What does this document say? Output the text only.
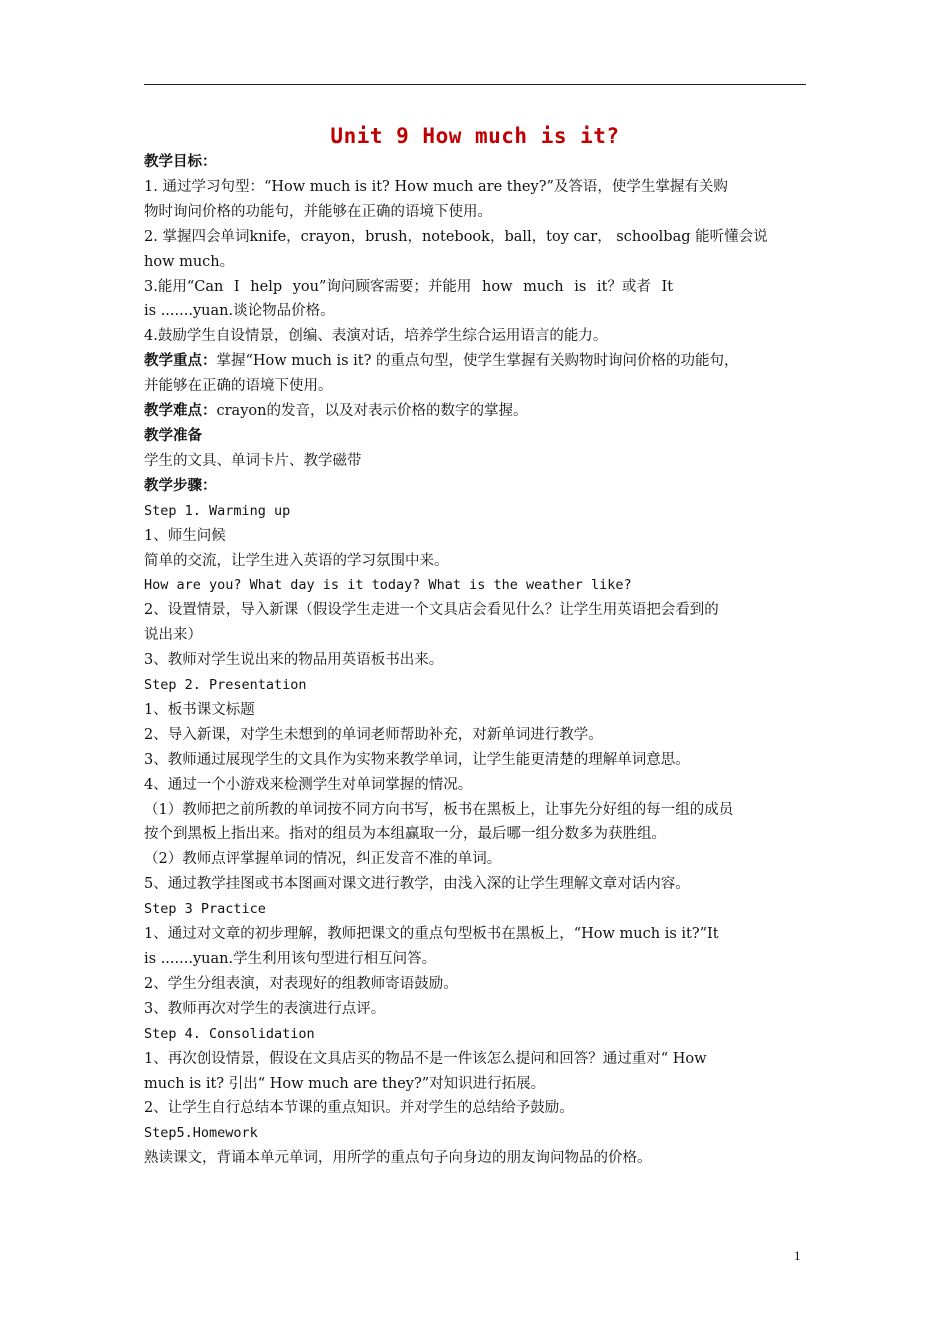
Unit 9 How much is it?

教学目标：

1. 通过学习句型：“How much is it? How much are they?”及答语，使学生掌握有关购

物时询问价格的功能句，并能够在正确的语境下使用。

2. 掌握四会单词knife，crayon，brush，notebook，ball，toy car， schoolbag 能听懂会说

how much。

3.能用“Can I help you”询问顾客需要；并能用 how much is it？或者 It

is .......yuan.谈论物品价格。

4.鼓励学生自设情景，创编、表演对话，培养学生综合运用语言的能力。

教学重点：掌握“How much is it? 的重点句型，使学生掌握有关购物时询问价格的功能句，

并能够在正确的语境下使用。

教学难点：crayon的发音，以及对表示价格的数字的掌握。

教学准备

学生的文具、单词卡片、教学磁带

教学步骤：

Step 1. Warming up

1、师生问候

简单的交流，让学生进入英语的学习氛围中来。

How are you? What day is it today? What is the weather like?

2、设置情景，导入新课（假设学生走进一个文具店会看见什么？让学生用英语把会看到的

说出来）

3、教师对学生说出来的物品用英语板书出来。

Step 2. Presentation

1、板书课文标题

2、导入新课，对学生未想到的单词老师帮助补充，对新单词进行教学。

3、教师通过展现学生的文具作为实物来教学单词，让学生能更清楚的理解单词意思。

4、通过一个小游戏来检测学生对单词掌握的情况。

（1）教师把之前所教的单词按不同方向书写，板书在黑板上，让事先分好组的每一组的成员

按个到黑板上指出来。指对的组员为本组赢取一分，最后哪一组分数多为获胜组。

（2）教师点评掌握单词的情况，纠正发音不准的单词。

5、通过教学挂图或书本图画对课文进行教学，由浅入深的让学生理解文章对话内容。

Step 3 Practice

1、通过对文章的初步理解，教师把课文的重点句型板书在黑板上，“How much is it?”It

is .......yuan.学生利用该句型进行相互问答。

2、学生分组表演，对表现好的组教师寄语鼓励。

3、教师再次对学生的表演进行点评。

Step 4. Consolidation

1、再次创设情景，假设在文具店买的物品不是一件该怎么提问和回答？通过重对“ How

much is it? 引出“ How much are they?”对知识进行拓展。

2、让学生自行总结本节课的重点知识。并对学生的总结给予鼓励。

Step5.Homework

熟读课文，背诵本单元单词，用所学的重点句子向身边的朋友询问物品的价格。

1
